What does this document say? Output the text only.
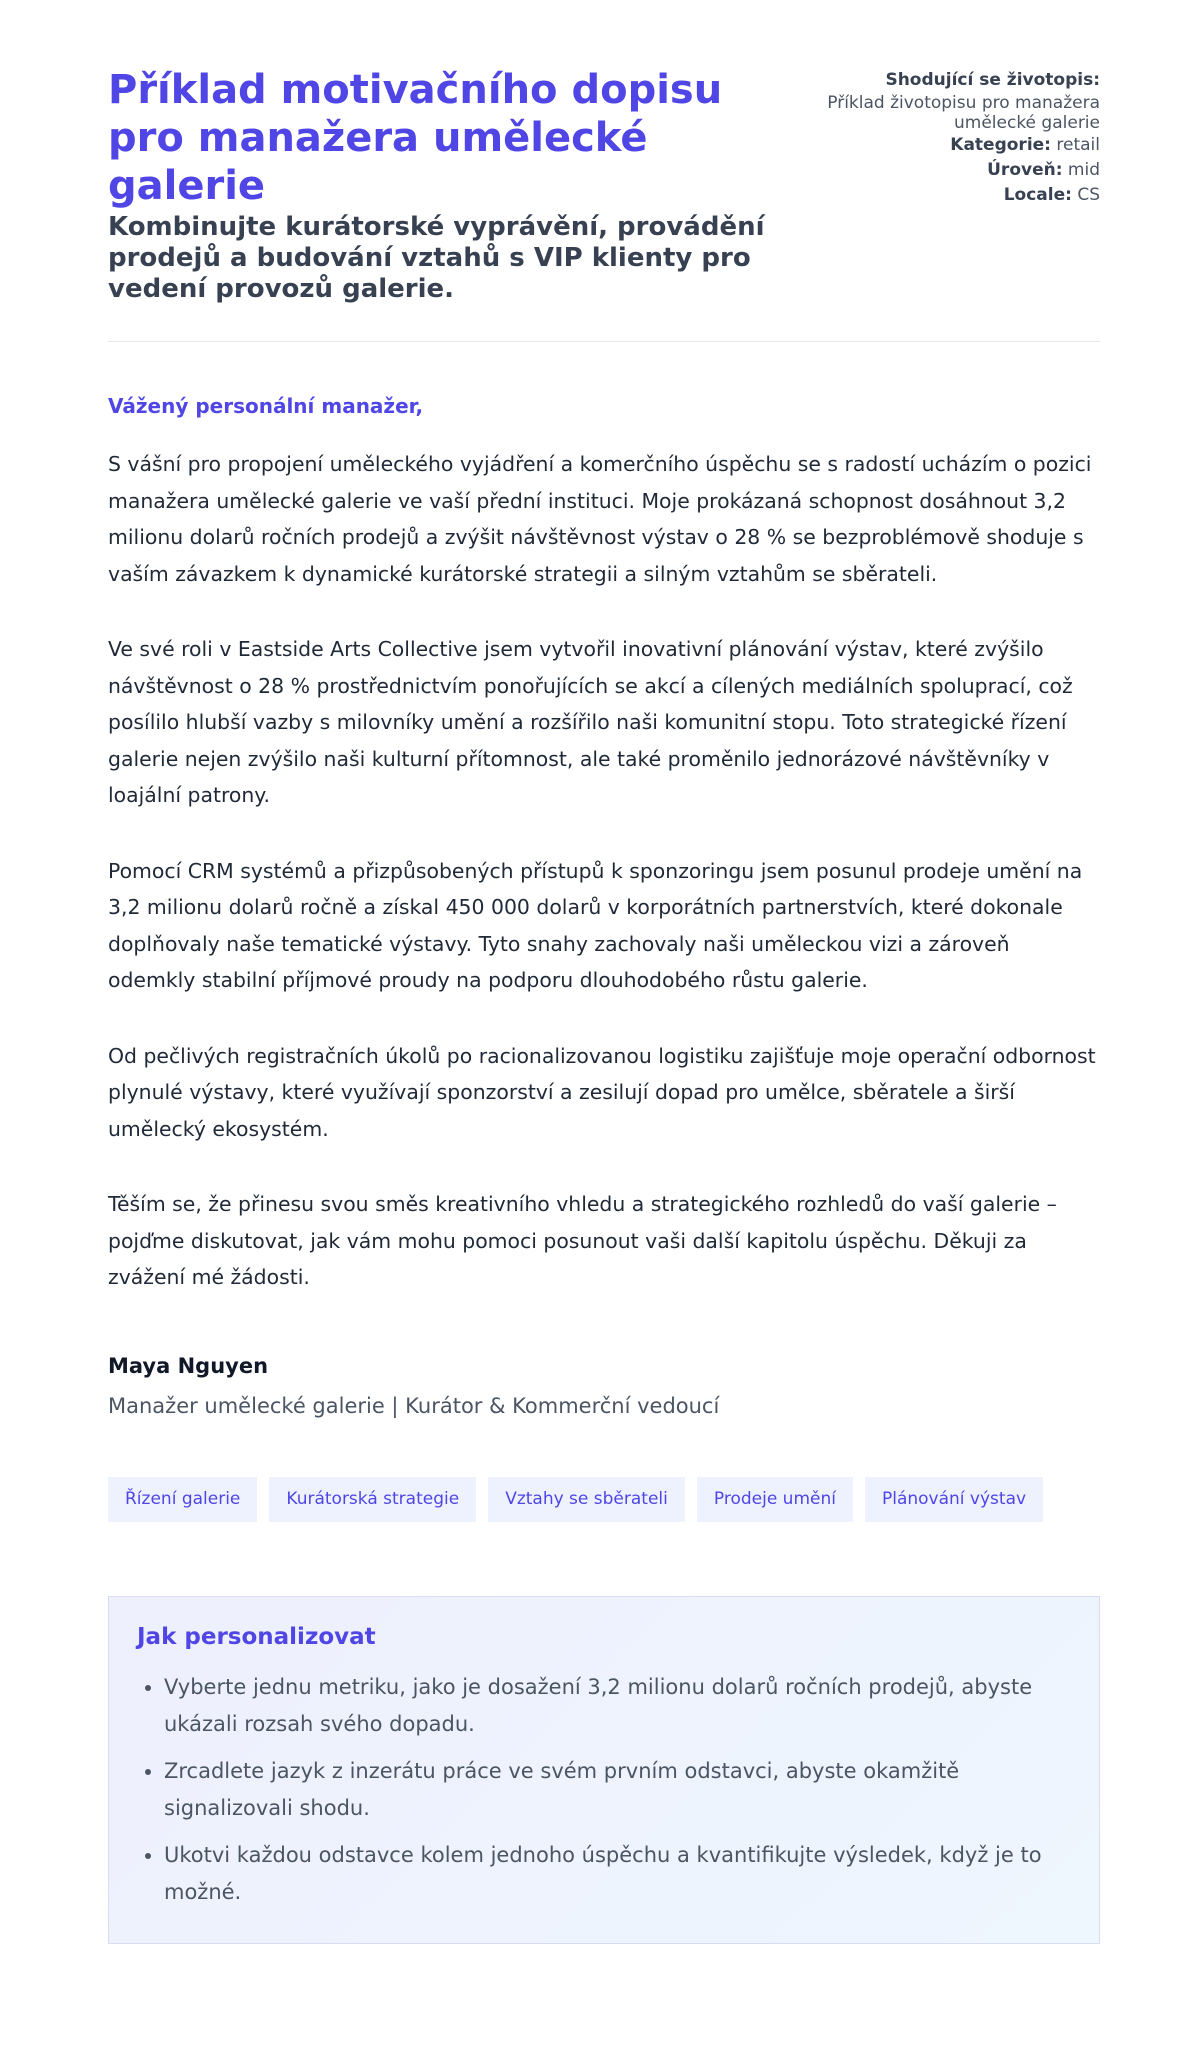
Příklad motivačního dopisu pro manažera umělecké galerie
Kombinujte kurátorské vyprávění, provádění prodejů a budování vztahů s VIP klienty pro vedení provozů galerie.
Shodující se životopis:
Příklad životopisu pro manažera umělecké galerie
Kategorie: retail
Úroveň: mid
Locale: CS

Vážený personální manažer,

S vášní pro propojení uměleckého vyjádření a komerčního úspěchu se s radostí ucházím o pozici manažera umělecké galerie ve vaší přední instituci. Moje prokázaná schopnost dosáhnout 3,2 milionu dolarů ročních prodejů a zvýšit návštěvnost výstav o 28 % se bezproblémově shoduje s vaším závazkem k dynamické kurátorské strategii a silným vztahům se sběrateli.

Ve své roli v Eastside Arts Collective jsem vytvořil inovativní plánování výstav, které zvýšilo návštěvnost o 28 % prostřednictvím ponořujících se akcí a cílených mediálních spoluprací, což posílilo hlubší vazby s milovníky umění a rozšířilo naši komunitní stopu. Toto strategické řízení galerie nejen zvýšilo naši kulturní přítomnost, ale také proměnilo jednorázové návštěvníky v loajální patrony.

Pomocí CRM systémů a přizpůsobených přístupů k sponzoringu jsem posunul prodeje umění na 3,2 milionu dolarů ročně a získal 450 000 dolarů v korporátních partnerstvích, které dokonale doplňovaly naše tematické výstavy. Tyto snahy zachovaly naši uměleckou vizi a zároveň odemkly stabilní příjmové proudy na podporu dlouhodobého růstu galerie.

Od pečlivých registračních úkolů po racionalizovanou logistiku zajišťuje moje operační odbornost plynulé výstavy, které využívají sponzorství a zesilují dopad pro umělce, sběratele a širší umělecký ekosystém.

Těším se, že přinesu svou směs kreativního vhledu a strategického rozhledů do vaší galerie – pojďme diskutovat, jak vám mohu pomoci posunout vaši další kapitolu úspěchu. Děkuji za zvážení mé žádosti.

Maya Nguyen
Manažer umělecké galerie | Kurátor & Kommerční vedoucí
Řízení galerie	Kurátorská strategie	Vztahy se sběrateli	Prodeje umění	Plánování výstav
Jak personalizovat
• Vyberte jednu metriku, jako je dosažení 3,2 milionu dolarů ročních prodejů, abyste ukázali rozsah svého dopadu.
• Zrcadlete jazyk z inzerátu práce ve svém prvním odstavci, abyste okamžitě signalizovali shodu.
• Ukotvi každou odstavce kolem jednoho úspěchu a kvantifikujte výsledek, když je to možné.
